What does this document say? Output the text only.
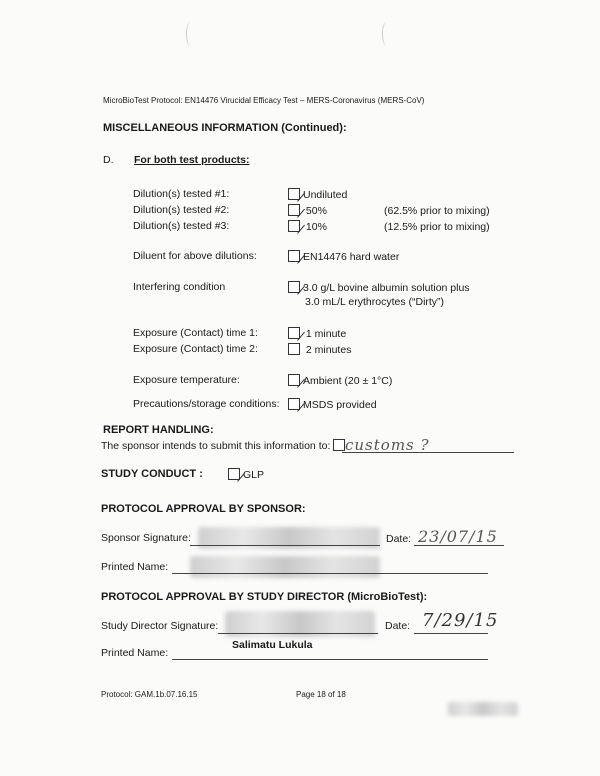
MicroBioTest Protocol: EN14476 Virucidal Efficacy Test – MERS-Coronavirus (MERS-CoV)
MISCELLANEOUS INFORMATION (Continued):
D. For both test products:
Dilution(s) tested #1:	Undiluted
Dilution(s) tested #2:	50%	(62.5% prior to mixing)
Dilution(s) tested #3:	10%	(12.5% prior to mixing)
Diluent for above dilutions:	EN14476 hard water
Interfering condition	3.0 g/L bovine albumin solution plus
3.0 mL/L erythrocytes (“Dirty”)
Exposure (Contact) time 1:	1 minute
Exposure (Contact) time 2:	2 minutes
Exposure temperature:	Ambient (20 ± 1°C)
Precautions/storage conditions:	MSDS provided
REPORT HANDLING:
The sponsor intends to submit this information to: customs ?
STUDY CONDUCT :	GLP
PROTOCOL APPROVAL BY SPONSOR:
Sponsor Signature:	Date: 23/07/15
Printed Name:
PROTOCOL APPROVAL BY STUDY DIRECTOR (MicroBioTest):
Study Director Signature:	Date: 7/29/15
Printed Name:
Salimatu Lukula
Protocol: GAM.1b.07.16.15	Page 18 of 18
